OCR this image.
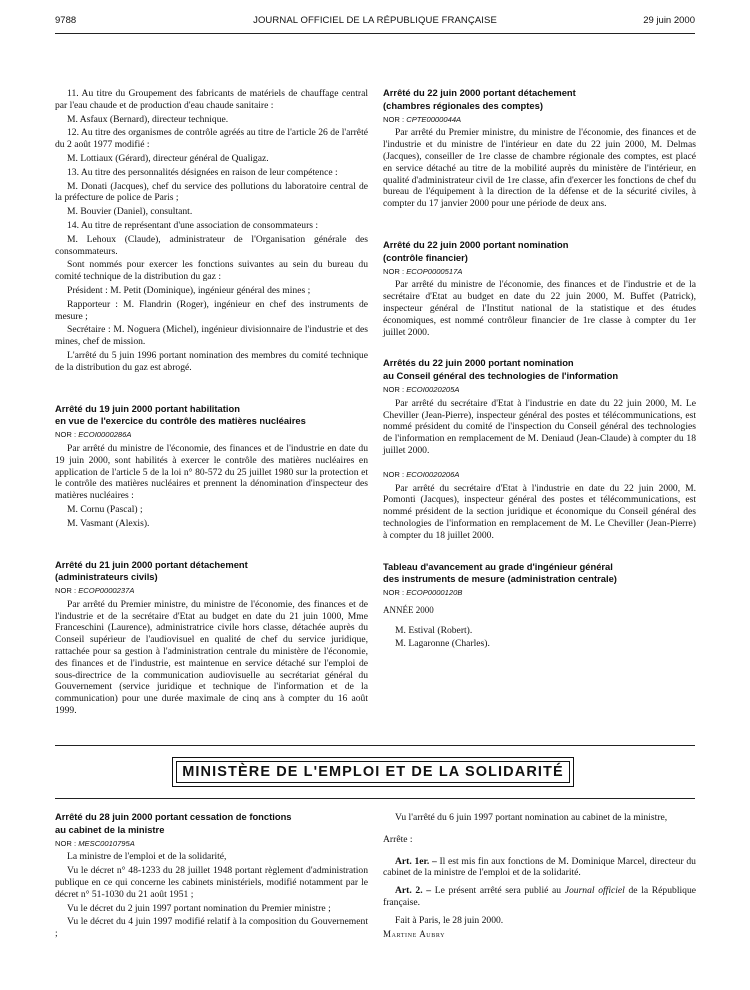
9788	JOURNAL OFFICIEL DE LA RÉPUBLIQUE FRANÇAISE	29 juin 2000

11. Au titre du Groupement des fabricants de matériels de chauffage central par l'eau chaude et de production d'eau chaude sanitaire :

M. Asfaux (Bernard), directeur technique.

12. Au titre des organismes de contrôle agréés au titre de l'article 26 de l'arrêté du 2 août 1977 modifié :

M. Lottiaux (Gérard), directeur général de Qualigaz.

13. Au titre des personnalités désignées en raison de leur compétence :

M. Donati (Jacques), chef du service des pollutions du laboratoire central de la préfecture de police de Paris ;

M. Bouvier (Daniel), consultant.

14. Au titre de représentant d'une association de consommateurs :

M. Lehoux (Claude), administrateur de l'Organisation générale des consommateurs.

Sont nommés pour exercer les fonctions suivantes au sein du bureau du comité technique de la distribution du gaz :

Président : M. Petit (Dominique), ingénieur général des mines ;

Rapporteur : M. Flandrin (Roger), ingénieur en chef des instruments de mesure ;

Secrétaire : M. Noguera (Michel), ingénieur divisionnaire de l'industrie et des mines, chef de mission.

L'arrêté du 5 juin 1996 portant nomination des membres du comité technique de la distribution du gaz est abrogé.

Arrêté du 19 juin 2000 portant habilitation

en vue de l'exercice du contrôle des matières nucléaires

NOR : ECOI0000286A

Par arrêté du ministre de l'économie, des finances et de l'industrie en date du 19 juin 2000, sont habilités à exercer le contrôle des matières nucléaires en application de l'article 5 de la loi n° 80-572 du 25 juillet 1980 sur la protection et le contrôle des matières nucléaires et prennent la dénomination d'inspecteur des matières nucléaires :

M. Cornu (Pascal) ;

M. Vasmant (Alexis).

Arrêté du 21 juin 2000 portant détachement

(administrateurs civils)

NOR : ECOP0000237A

Par arrêté du Premier ministre, du ministre de l'économie, des finances et de l'industrie et de la secrétaire d'Etat au budget en date du 21 juin 1000, Mme Franceschini (Laurence), administratrice civile hors classe, détachée auprès du Conseil supérieur de l'audiovisuel en qualité de chef du service juridique, rattachée pour sa gestion à l'administration centrale du ministère de l'économie, des finances et de l'industrie, est maintenue en service détaché sur l'emploi de sous-directrice de la communication audiovisuelle au secrétariat général du Gouvernement (service juridique et technique de l'information et de la communication) pour une durée maximale de cinq ans à compter du 16 août 1999.

Arrêté du 22 juin 2000 portant détachement

(chambres régionales des comptes)

NOR : CPTE0000044A

Par arrêté du Premier ministre, du ministre de l'économie, des finances et de l'industrie et du ministre de l'intérieur en date du 22 juin 2000, M. Delmas (Jacques), conseiller de 1re classe de chambre régionale des comptes, est placé en service détaché au titre de la mobilité auprès du ministère de l'intérieur, en qualité d'administrateur civil de 1re classe, afin d'exercer les fonctions de chef du bureau de l'équipement à la direction de la défense et de la sécurité civiles, à compter du 17 janvier 2000 pour une période de deux ans.

Arrêté du 22 juin 2000 portant nomination

(contrôle financier)

NOR : ECOP0000517A

Par arrêté du ministre de l'économie, des finances et de l'industrie et de la secrétaire d'Etat au budget en date du 22 juin 2000, M. Buffet (Patrick), inspecteur général de l'Institut national de la statistique et des études économiques, est nommé contrôleur financier de 1re classe à compter du 1er juillet 2000.

Arrêtés du 22 juin 2000 portant nomination

au Conseil général des technologies de l'information

NOR : ECOI0020205A

Par arrêté du secrétaire d'Etat à l'industrie en date du 22 juin 2000, M. Le Cheviller (Jean-Pierre), inspecteur général des postes et télécommunications, est nommé président du comité de l'inspection du Conseil général des technologies de l'information en remplacement de M. Deniaud (Jean-Claude) à compter du 18 juillet 2000.

NOR : ECOI0020206A

Par arrêté du secrétaire d'Etat à l'industrie en date du 22 juin 2000, M. Pomonti (Jacques), inspecteur général des postes et télécommunications, est nommé président de la section juridique et économique du Conseil général des technologies de l'information en remplacement de M. Le Cheviller (Jean-Pierre) à compter du 18 juillet 2000.

Tableau d'avancement au grade d'ingénieur général

des instruments de mesure (administration centrale)

NOR : ECOP0000120B

ANNÉE 2000

M. Estival (Robert).

M. Lagaronne (Charles).

MINISTÈRE DE L'EMPLOI ET DE LA SOLIDARITÉ

Arrêté du 28 juin 2000 portant cessation de fonctions

au cabinet de la ministre

NOR : MESC0010795A

La ministre de l'emploi et de la solidarité,

Vu le décret n° 48-1233 du 28 juillet 1948 portant règlement d'administration publique en ce qui concerne les cabinets ministériels, modifié notamment par le décret n° 51-1030 du 21 août 1951 ;

Vu le décret du 2 juin 1997 portant nomination du Premier ministre ;

Vu le décret du 4 juin 1997 modifié relatif à la composition du Gouvernement ;

Vu l'arrêté du 6 juin 1997 portant nomination au cabinet de la ministre,

Arrête :

Art. 1er. – Il est mis fin aux fonctions de M. Dominique Marcel, directeur du cabinet de la ministre de l'emploi et de la solidarité.

Art. 2. – Le présent arrêté sera publié au Journal officiel de la République française.

Fait à Paris, le 28 juin 2000.

Martine Aubry
